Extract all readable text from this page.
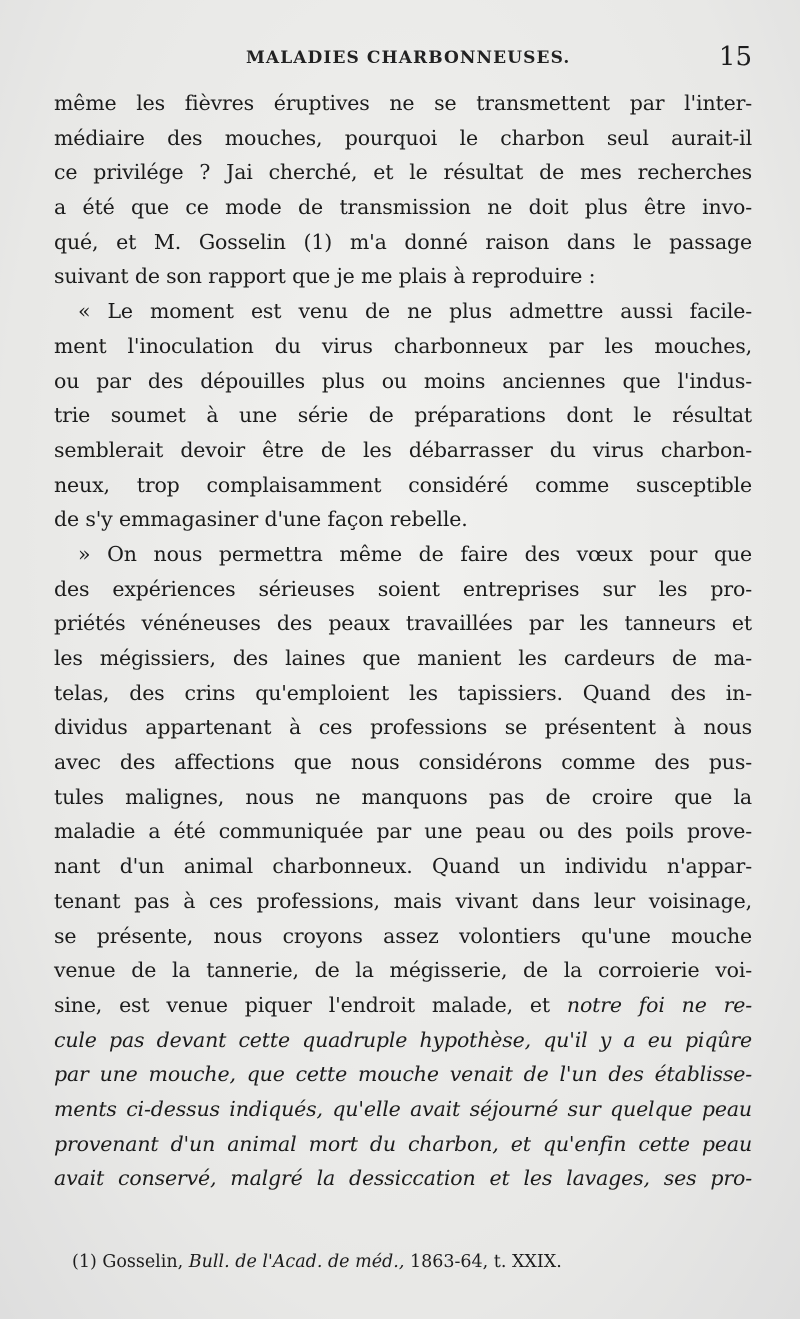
MALADIES CHARBONNEUSES.	15
même les fièvres éruptives ne se transmettent par l'inter-
médiaire des mouches, pourquoi le charbon seul aurait-il
ce privilége ? Jai cherché, et le résultat de mes recherches
a été que ce mode de transmission ne doit plus être invo-
qué, et M. Gosselin (1) m'a donné raison dans le passage
suivant de son rapport que je me plais à reproduire :
« Le moment est venu de ne plus admettre aussi facile-
ment l'inoculation du virus charbonneux par les mouches,
ou par des dépouilles plus ou moins anciennes que l'indus-
trie soumet à une série de préparations dont le résultat
semblerait devoir être de les débarrasser du virus charbon-
neux, trop complaisamment considéré comme susceptible
de s'y emmagasiner d'une façon rebelle.
» On nous permettra même de faire des vœux pour que
des expériences sérieuses soient entreprises sur les pro-
priétés vénéneuses des peaux travaillées par les tanneurs et
les mégissiers, des laines que manient les cardeurs de ma-
telas, des crins qu'emploient les tapissiers. Quand des in-
dividus appartenant à ces professions se présentent à nous
avec des affections que nous considérons comme des pus-
tules malignes, nous ne manquons pas de croire que la
maladie a été communiquée par une peau ou des poils prove-
nant d'un animal charbonneux. Quand un individu n'appar-
tenant pas à ces professions, mais vivant dans leur voisinage,
se présente, nous croyons assez volontiers qu'une mouche
venue de la tannerie, de la mégisserie, de la corroierie voi-
sine, est venue piquer l'endroit malade, et notre foi ne re-
cule pas devant cette quadruple hypothèse, qu'il y a eu piqûre
par une mouche, que cette mouche venait de l'un des établisse-
ments ci-dessus indiqués, qu'elle avait séjourné sur quelque peau
provenant d'un animal mort du charbon, et qu'enfin cette peau
avait conservé, malgré la dessiccation et les lavages, ses pro-
(1) Gosselin, Bull. de l'Acad. de méd., 1863-64, t. XXIX.
